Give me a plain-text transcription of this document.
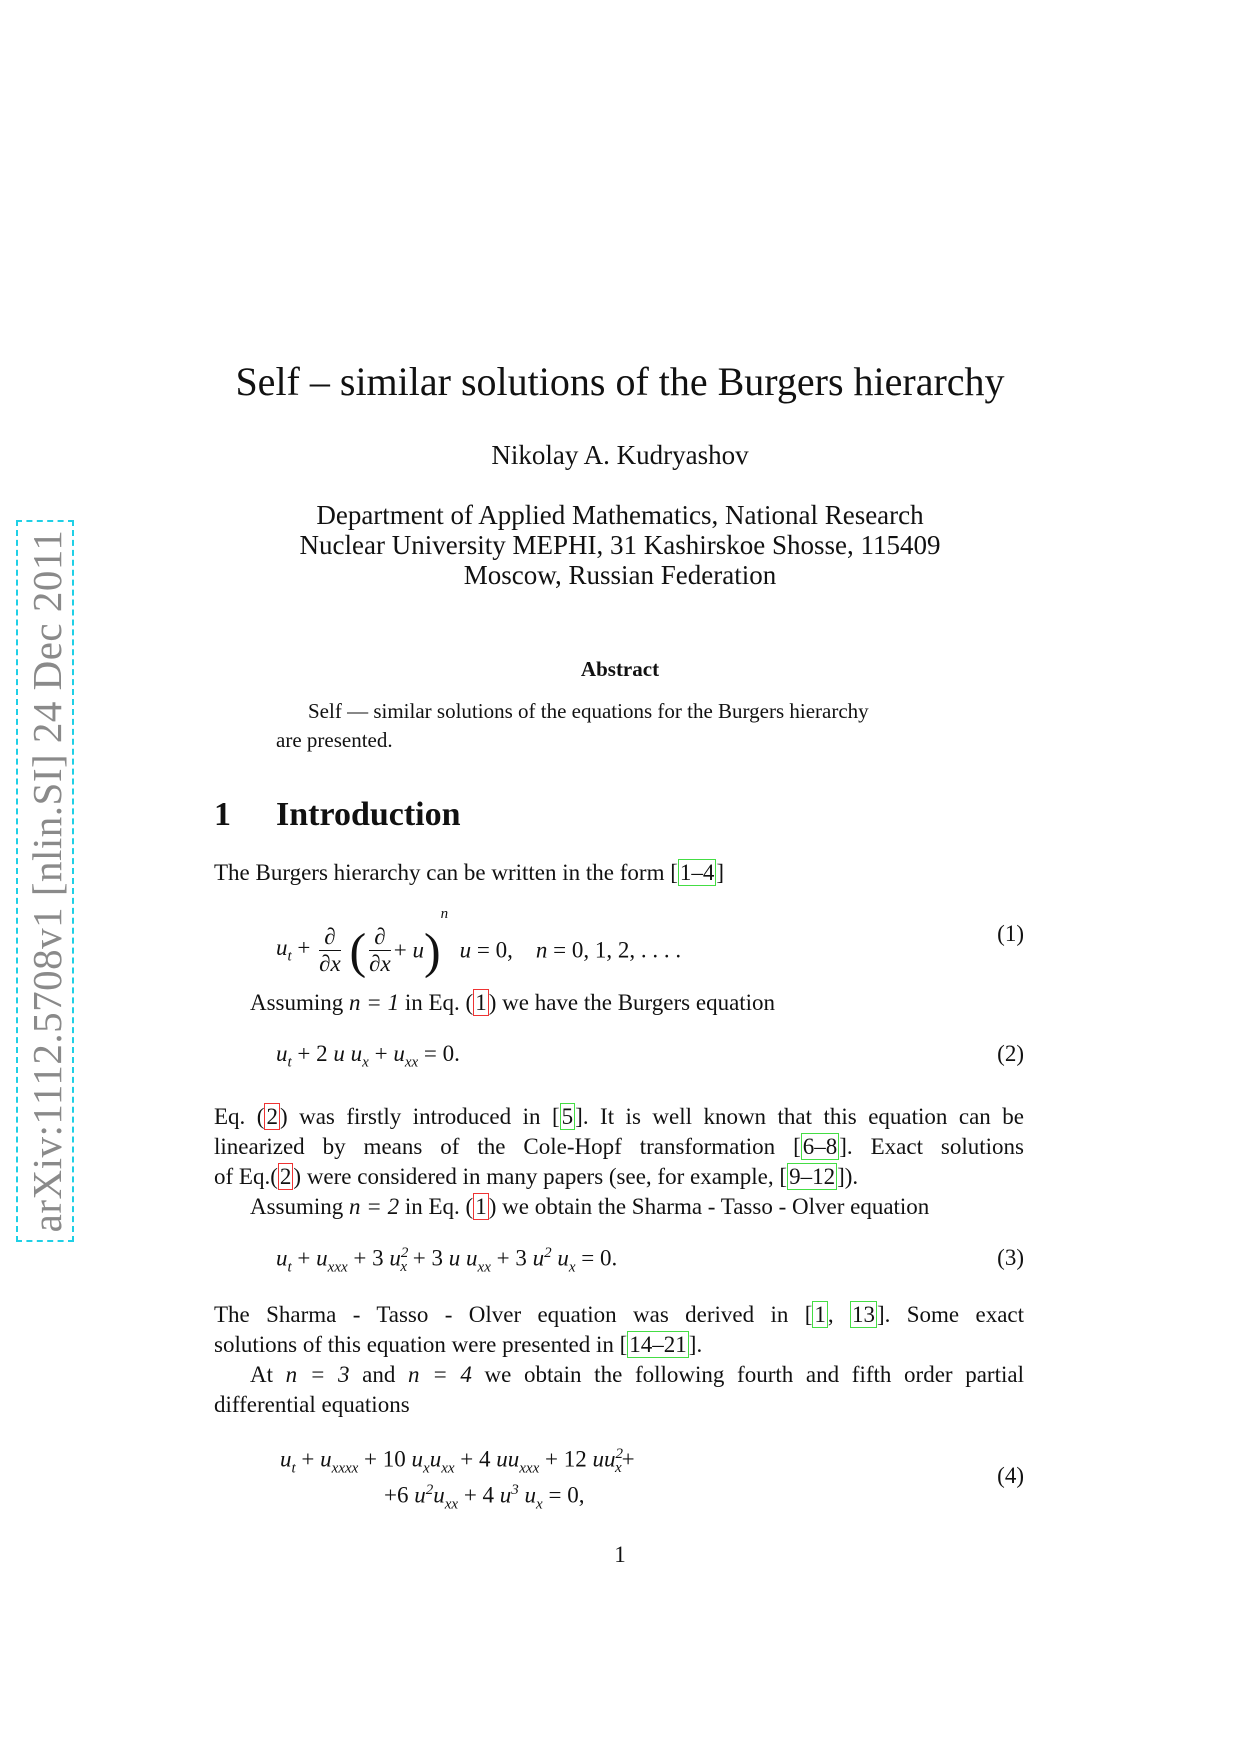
arXiv:1112.5708v1 [nlin.SI] 24 Dec 2011
Self – similar solutions of the Burgers hierarchy
Nikolay A. Kudryashov
Department of Applied Mathematics, National Research
Nuclear University MEPHI, 31 Kashirskoe Shosse, 115409
Moscow, Russian Federation
Abstract
Self — similar solutions of the equations for the Burgers hierarchy
are presented.
1 Introduction
The Burgers hierarchy can be written in the form [1–4]
$u_t + \frac{\partial}{\partial x}$ ( $\frac{\partial}{\partial x} + u)^n$  u = 0,    n = 0, 1, 2, . . . .
(1)
Assuming n = 1 in Eq. (1) we have the Burgers equation
$u_t + 2$ u $u_x + u_{xx} = 0$.	(2)
Eq. (2) was firstly introduced in [5]. It is well known that this equation can be
linearized by means of the Cole-Hopf transformation [6–8]. Exact solutions
of Eq.(2) were considered in many papers (see, for example, [9–12]).
Assuming n = 2 in Eq. (1) we obtain the Sharma - Tasso - Olver equation
$u_t + u_{xxx} + 3$ $u^2_x + 3$ u $u_{xx} + 3$ $u^2$ $u_x = 0$.	(3)
The Sharma - Tasso - Olver equation was derived in [1, 13]. Some exact
solutions of this equation were presented in [14–21].
At n = 3 and n = 4 we obtain the following fourth and fifth order partial
differential equations
$u_t + u_{xxxx} + 10$ $u_xu_{xx} + 4$ $uu_{xxx} + 12$ $uu^2_x+$
+6 $u^2u_{xx} + 4$ $u^3$ $u_x = 0$,
(4)
1
